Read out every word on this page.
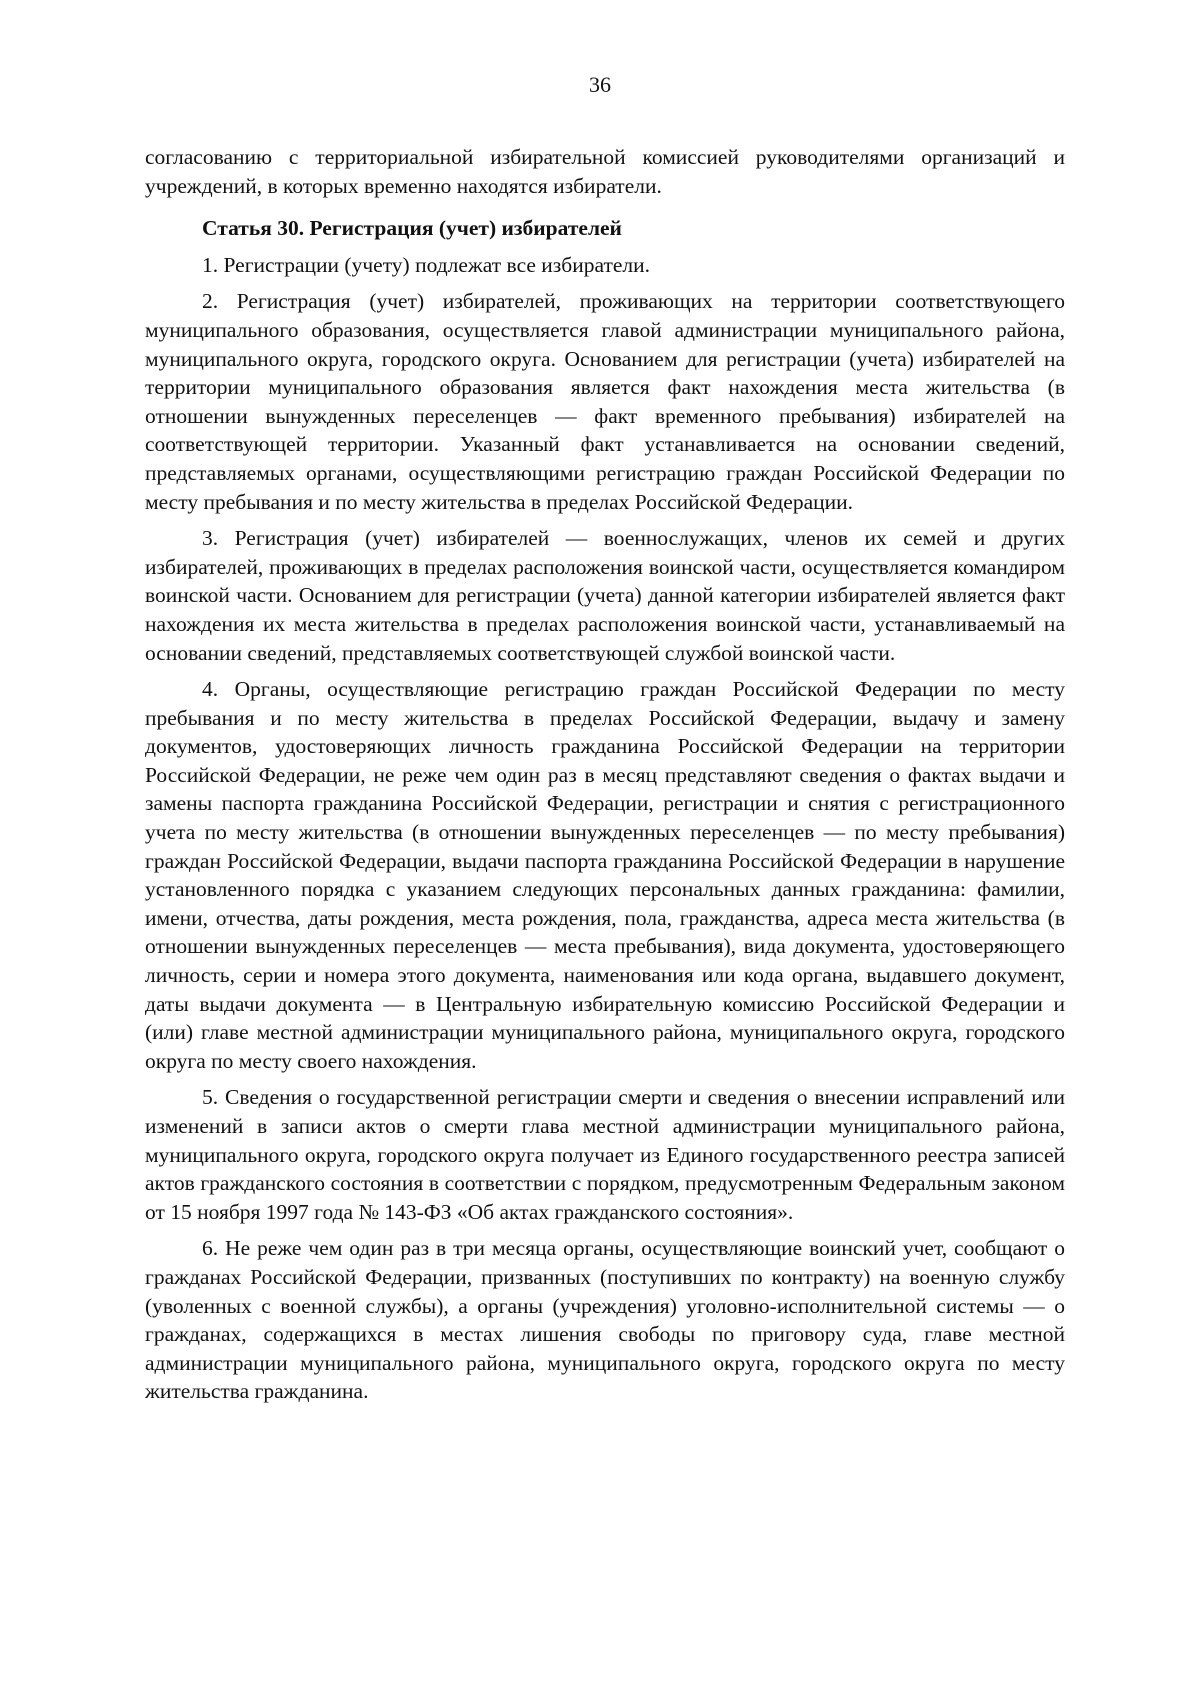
36

согласованию с территориальной избирательной комиссией руководителями организаций и учреждений, в которых временно находятся избиратели.

Статья 30. Регистрация (учет) избирателей

1. Регистрации (учету) подлежат все избиратели.

2. Регистрация (учет) избирателей, проживающих на территории соответствующего муниципального образования, осуществляется главой администрации муниципального района, муниципального округа, городского округа. Основанием для регистрации (учета) избирателей на территории муниципального образования является факт нахождения места жительства (в отношении вынужденных переселенцев — факт временного пребывания) избирателей на соответствующей территории. Указанный факт устанавливается на основании сведений, представляемых органами, осуществляющими регистрацию граждан Российской Федерации по месту пребывания и по месту жительства в пределах Российской Федерации.

3. Регистрация (учет) избирателей — военнослужащих, членов их семей и других избирателей, проживающих в пределах расположения воинской части, осуществляется командиром воинской части. Основанием для регистрации (учета) данной категории избирателей является факт нахождения их места жительства в пределах расположения воинской части, устанавливаемый на основании сведений, представляемых соответствующей службой воинской части.

4. Органы, осуществляющие регистрацию граждан Российской Федерации по месту пребывания и по месту жительства в пределах Российской Федерации, выдачу и замену документов, удостоверяющих личность гражданина Российской Федерации на территории Российской Федерации, не реже чем один раз в месяц представляют сведения о фактах выдачи и замены паспорта гражданина Российской Федерации, регистрации и снятия с регистрационного учета по месту жительства (в отношении вынужденных переселенцев — по месту пребывания) граждан Российской Федерации, выдачи паспорта гражданина Российской Федерации в нарушение установленного порядка с указанием следующих персональных данных гражданина: фамилии, имени, отчества, даты рождения, места рождения, пола, гражданства, адреса места жительства (в отношении вынужденных переселенцев — места пребывания), вида документа, удостоверяющего личность, серии и номера этого документа, наименования или кода органа, выдавшего документ, даты выдачи документа — в Центральную избирательную комиссию Российской Федерации и (или) главе местной администрации муниципального района, муниципального округа, городского округа по месту своего нахождения.

5. Сведения о государственной регистрации смерти и сведения о внесении исправлений или изменений в записи актов о смерти глава местной администрации муниципального района, муниципального округа, городского округа получает из Единого государственного реестра записей актов гражданского состояния в соответствии с порядком, предусмотренным Федеральным законом от 15 ноября 1997 года № 143-ФЗ «Об актах гражданского состояния».

6. Не реже чем один раз в три месяца органы, осуществляющие воинский учет, сообщают о гражданах Российской Федерации, призванных (поступивших по контракту) на военную службу (уволенных с военной службы), а органы (учреждения) уголовно-исполнительной системы — о гражданах, содержащихся в местах лишения свободы по приговору суда, главе местной администрации муниципального района, муниципального округа, городского округа по месту жительства гражданина.
